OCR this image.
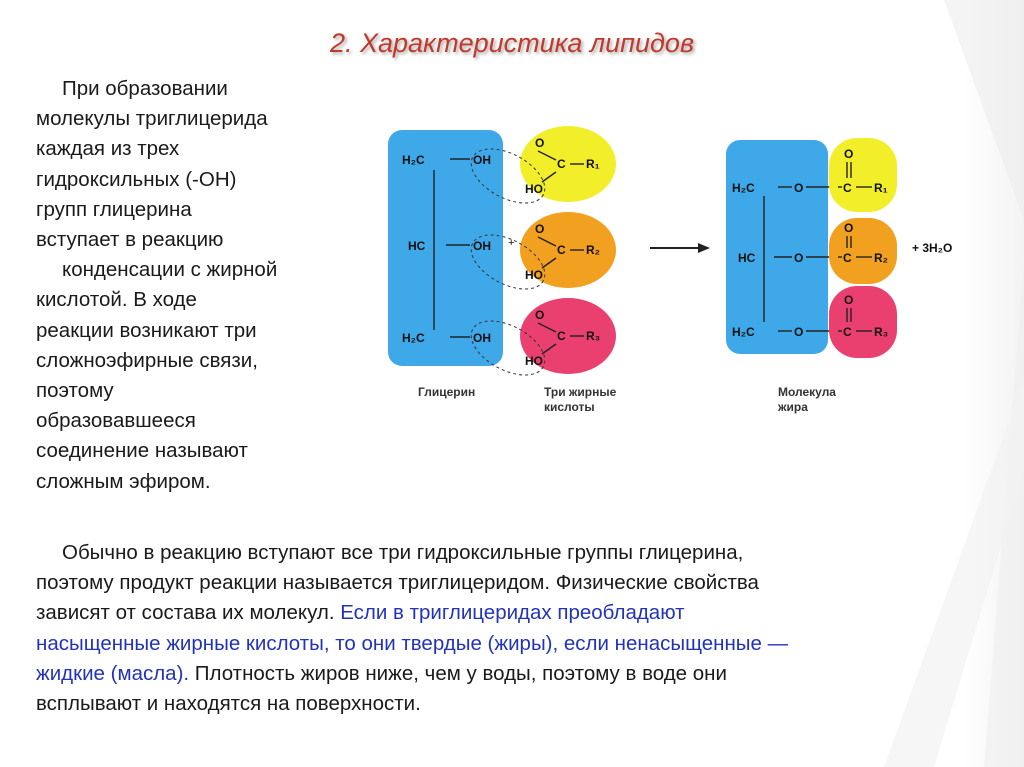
2. Характеристика липидов

При образовании
молекулы триглицерида
каждая из трех
гидроксильных (-OH)
групп глицерина
вступает в реакцию
конденсации с жирной
кислотой. В ходе
реакции возникают три
сложноэфирные связи,
поэтому
образовавшееся
соединение называют
сложным эфиром.

H₂C
HC
H₂C
OH
OH
OH
O
C R₁
HO
O
C R₂
HO
O
C R₃
HO
+
H₂C
HC
H₂C
O
O
O
O
C R₁
O
C R₂
O
C R₃
+ 3H₂O
Глицерин	Три жирные
кислоты
Молекула
жира

Обычно в реакцию вступают все три гидроксильные группы глицерина,
поэтому продукт реакции называется триглицеридом. Физические свойства
зависят от состава их молекул. Если в триглицеридах преобладают
насыщенные жирные кислоты, то они твердые (жиры), если ненасыщенные —
жидкие (масла). Плотность жиров ниже, чем у воды, поэтому в воде они
всплывают и находятся на поверхности.
